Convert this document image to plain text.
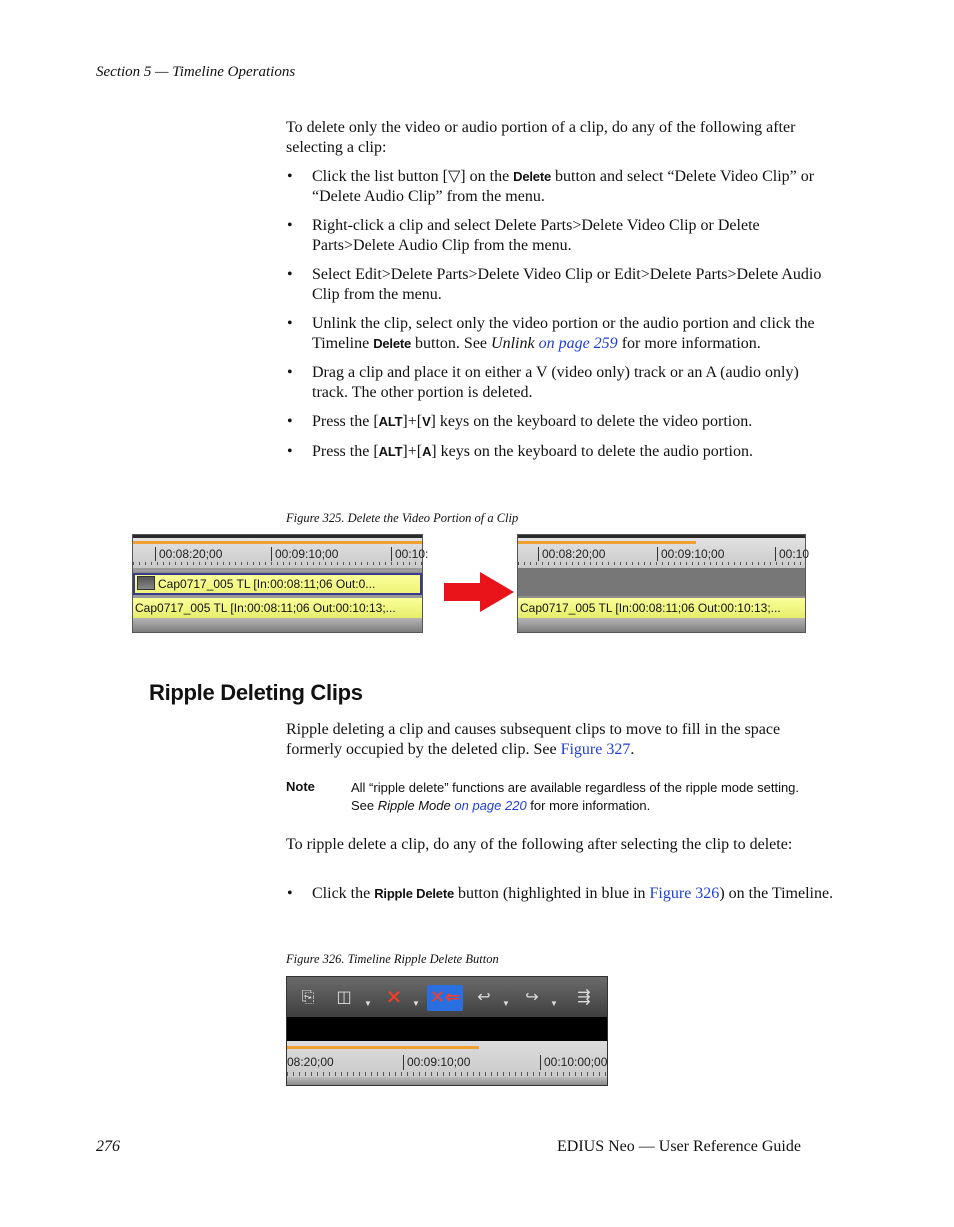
Section 5 — Timeline Operations

To delete only the video or audio portion of a clip, do any of the following after selecting a clip:

• Click the list button [▽] on the Delete button and select “Delete Video Clip” or “Delete Audio Clip” from the menu.
• Right-click a clip and select Delete Parts>Delete Video Clip or Delete Parts>Delete Audio Clip from the menu.
• Select Edit>Delete Parts>Delete Video Clip or Edit>Delete Parts>Delete Audio Clip from the menu.
• Unlink the clip, select only the video portion or the audio portion and click the Timeline Delete button. See Unlink on page 259 for more information.
• Drag a clip and place it on either a V (video only) track or an A (audio only) track. The other portion is deleted.
• Press the [ALT]+[V] keys on the keyboard to delete the video portion.
• Press the [ALT]+[A] keys on the keyboard to delete the audio portion.
Figure 325. Delete the Video Portion of a Clip
00:08:20;00	00:09:10;00	00:10:
Cap0717_005 TL [In:00:08:11;06 Out:0...
Cap0717_005 TL [In:00:08:11;06 Out:00:10:13;...
00:08:20;00	00:09:10;00	00:10
Cap0717_005 TL [In:00:08:11;06 Out:00:10:13;...
Ripple Deleting Clips

Ripple deleting a clip and causes subsequent clips to move to fill in the space formerly occupied by the deleted clip. See Figure 327.

Note	All “ripple delete” functions are available regardless of the ripple mode setting. See Ripple Mode on page 220 for more information.

To ripple delete a clip, do any of the following after selecting the clip to delete:

• Click the Ripple Delete button (highlighted in blue in Figure 326) on the Timeline.
Figure 326. Timeline Ripple Delete Button
⎘	◫	▼ ✕	▼ ✕⇐	↩	▼ ↪	▼	⇶
08:20;00	00:09:10;00	00:10:00;00
276	EDIUS Neo — User Reference Guide
